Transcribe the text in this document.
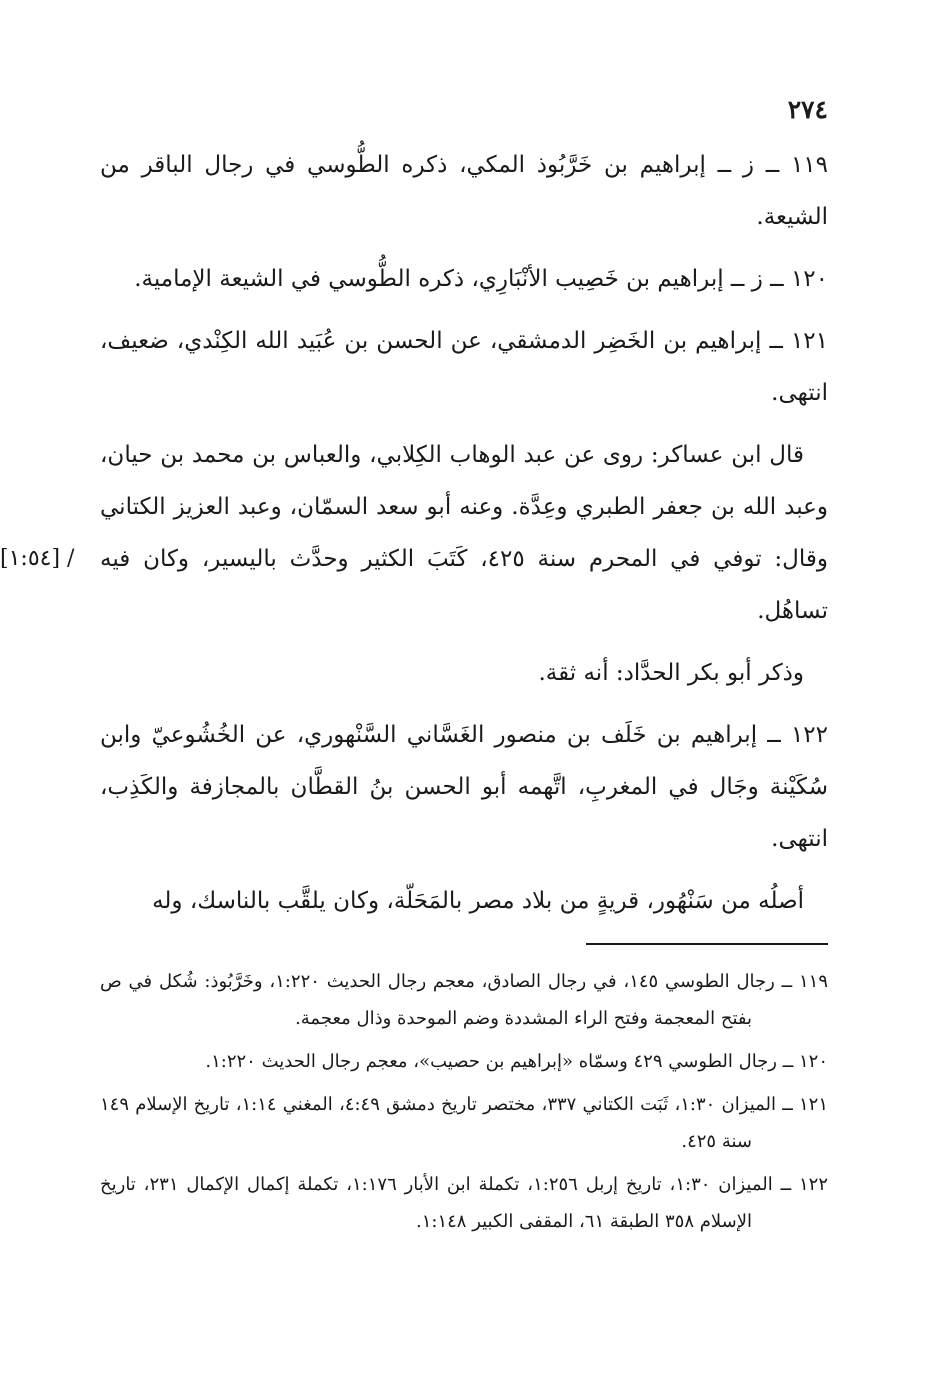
٢٧٤

١١٩ ــ ز ــ إبراهيم بن خَرَّبُوذ المكي، ذكره الطُّوسي في رجال الباقر من الشيعة.

١٢٠ ــ ز ــ إبراهيم بن خَصِيب الأنْبَارِي، ذكره الطُّوسي في الشيعة الإمامية.

١٢١ ــ إبراهيم بن الخَضِر الدمشقي، عن الحسن بن عُبَيد الله الكِنْدي، ضعيف، انتهى.

[١:٥٤] /

قال ابن عساكر: روى عن عبد الوهاب الكِلابي، والعباس بن محمد بن حيان، وعبد الله بن جعفر الطبري وعِدَّة. وعنه أبو سعد السمّان، وعبد العزيز الكتاني وقال: توفي في المحرم سنة ٤٢٥، كَتَبَ الكثير وحدَّث باليسير، وكان فيه تساهُل.

وذكر أبو بكر الحدَّاد: أنه ثقة.

١٢٢ ــ إبراهيم بن خَلَف بن منصور الغَسَّاني السَّنْهوري، عن الخُشُوعيّ وابن سُكَيْنة وجَال في المغربِ، اتَّهمه أبو الحسن بنُ القطَّان بالمجازفة والكَذِب، انتهى.

أصلُه من سَنْهُور، قريةٍ من بلاد مصر بالمَحَلّة، وكان يلقَّب بالناسك، وله

١١٩ ــ رجال الطوسي ١٤٥، في رجال الصادق، معجم رجال الحديث ١:٢٢٠، وخَرَّبُوذ: شُكل في ص بفتح المعجمة وفتح الراء المشددة وضم الموحدة وذال معجمة.

١٢٠ ــ رجال الطوسي ٤٢٩ وسمّاه «إبراهيم بن حصيب»، معجم رجال الحديث ١:٢٢٠.

١٢١ ــ الميزان ١:٣٠، ثَبَت الكتاني ٣٣٧، مختصر تاريخ دمشق ٤:٤٩، المغني ١:١٤، تاريخ الإسلام ١٤٩ سنة ٤٢٥.

١٢٢ ــ الميزان ١:٣٠، تاريخ إربل ١:٢٥٦، تكملة ابن الأبار ١:١٧٦، تكملة إكمال الإكمال ٢٣١، تاريخ الإسلام ٣٥٨ الطبقة ٦١، المقفى الكبير ١:١٤٨.
